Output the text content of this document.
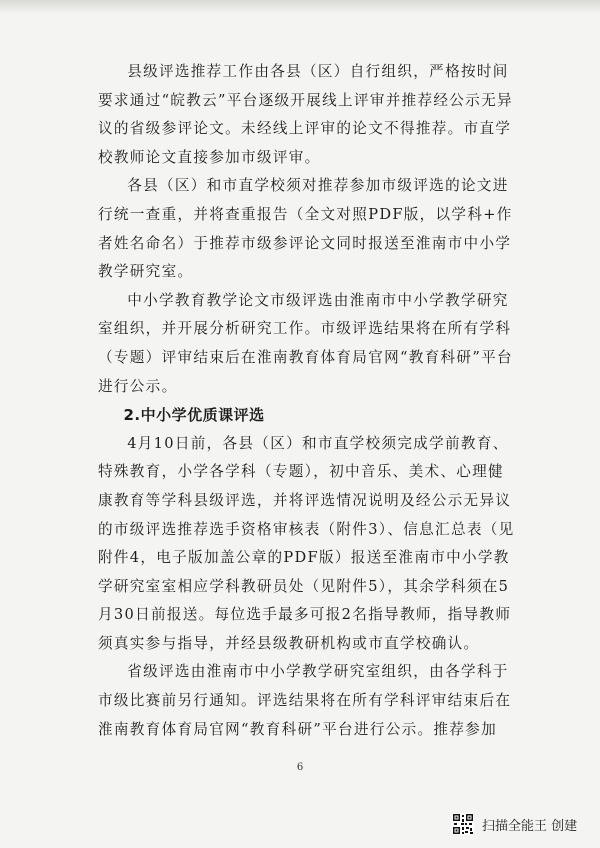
县级评选推荐工作由各县（区）自行组织，严格按时间要求通过“皖教云”平台逐级开展线上评审并推荐经公示无异议的省级参评论文。未经线上评审的论文不得推荐。市直学校教师论文直接参加市级评审。

各县（区）和市直学校须对推荐参加市级评选的论文进行统一查重，并将查重报告（全文对照PDF版，以学科+作者姓名命名）于推荐市级参评论文同时报送至淮南市中小学教学研究室。

中小学教育教学论文市级评选由淮南市中小学教学研究室组织，并开展分析研究工作。市级评选结果将在所有学科（专题）评审结束后在淮南教育体育局官网“教育科研”平台进行公示。

2.中小学优质课评选

4月10日前，各县（区）和市直学校须完成学前教育、特殊教育，小学各学科（专题），初中音乐、美术、心理健康教育等学科县级评选，并将评选情况说明及经公示无异议的市级评选推荐选手资格审核表（附件3）、信息汇总表（见附件4，电子版加盖公章的PDF版）报送至淮南市中小学教学研究室室相应学科教研员处（见附件5），其余学科须在5月30日前报送。每位选手最多可报2名指导教师，指导教师须真实参与指导，并经县级教研机构或市直学校确认。

省级评选由淮南市中小学教学研究室组织，由各学科于市级比赛前另行通知。评选结果将在所有学科评审结束后在淮南教育体育局官网“教育科研”平台进行公示。推荐参加

6
扫描全能王 创建
